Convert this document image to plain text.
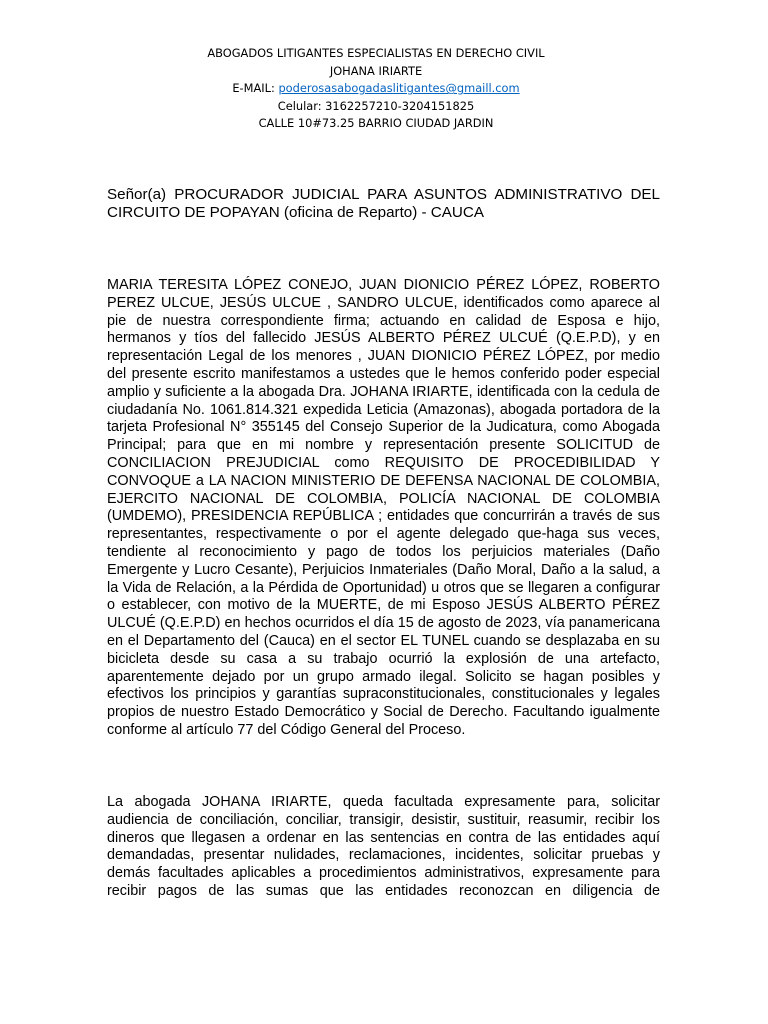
ABOGADOS LITIGANTES ESPECIALISTAS EN DERECHO CIVIL
JOHANA IRIARTE
E-MAIL: poderosasabogadaslitigantes@gmaill.com
Celular: 3162257210-3204151825
CALLE 10#73.25 BARRIO CIUDAD JARDIN
Señor(a) PROCURADOR JUDICIAL PARA ASUNTOS ADMINISTRATIVO DEL CIRCUITO DE POPAYAN (oficina de Reparto) - CAUCA

MARIA TERESITA LÓPEZ CONEJO, JUAN DIONICIO PÉREZ LÓPEZ, ROBERTO PEREZ ULCUE, JESÚS ULCUE , SANDRO ULCUE, identificados como aparece al pie de nuestra correspondiente firma; actuando en calidad de Esposa e hijo, hermanos y tíos del fallecido JESÚS ALBERTO PÉREZ ULCUÉ (Q.E.P.D), y en representación Legal de los menores , JUAN DIONICIO PÉREZ LÓPEZ, por medio del presente escrito manifestamos a ustedes que le hemos conferido poder especial amplio y suficiente a la abogada Dra. JOHANA IRIARTE, identificada con la cedula de ciudadanía No. 1061.814.321 expedida Leticia (Amazonas), abogada portadora de la tarjeta Profesional N° 355145 del Consejo Superior de la Judicatura, como Abogada Principal; para que en mi nombre y representación presente SOLICITUD de CONCILIACION PREJUDICIAL como REQUISITO DE PROCEDIBILIDAD Y CONVOQUE a LA NACION MINISTERIO DE DEFENSA NACIONAL DE COLOMBIA, EJERCITO NACIONAL DE COLOMBIA, POLICÍA NACIONAL DE COLOMBIA (UMDEMO), PRESIDENCIA REPÚBLICA ; entidades que concurrirán a través de sus representantes, respectivamente o por el agente delegado que-haga sus veces, tendiente al reconocimiento y pago de todos los perjuicios materiales (Daño Emergente y Lucro Cesante), Perjuicios Inmateriales (Daño Moral, Daño a la salud, a la Vida de Relación, a la Pérdida de Oportunidad) u otros que se llegaren a configurar o establecer, con motivo de la MUERTE, de mi Esposo JESÚS ALBERTO PÉREZ ULCUÉ (Q.E.P.D) en hechos ocurridos el día 15 de agosto de 2023, vía panamericana en el Departamento del (Cauca) en el sector EL TUNEL cuando se desplazaba en su bicicleta desde su casa a su trabajo ocurrió la explosión de una artefacto, aparentemente dejado por un grupo armado ilegal. Solicito se hagan posibles y efectivos los principios y garantías supraconstitucionales, constitucionales y legales propios de nuestro Estado Democrático y Social de Derecho. Facultando igualmente conforme al artículo 77 del Código General del Proceso.

La abogada JOHANA IRIARTE, queda facultada expresamente para, solicitar audiencia de conciliación, conciliar, transigir, desistir, sustituir, reasumir, recibir los dineros que llegasen a ordenar en las sentencias en contra de las entidades aquí demandadas, presentar nulidades, reclamaciones, incidentes, solicitar pruebas y demás facultades aplicables a procedimientos administrativos, expresamente para recibir pagos de las sumas que las entidades reconozcan en diligencia de
